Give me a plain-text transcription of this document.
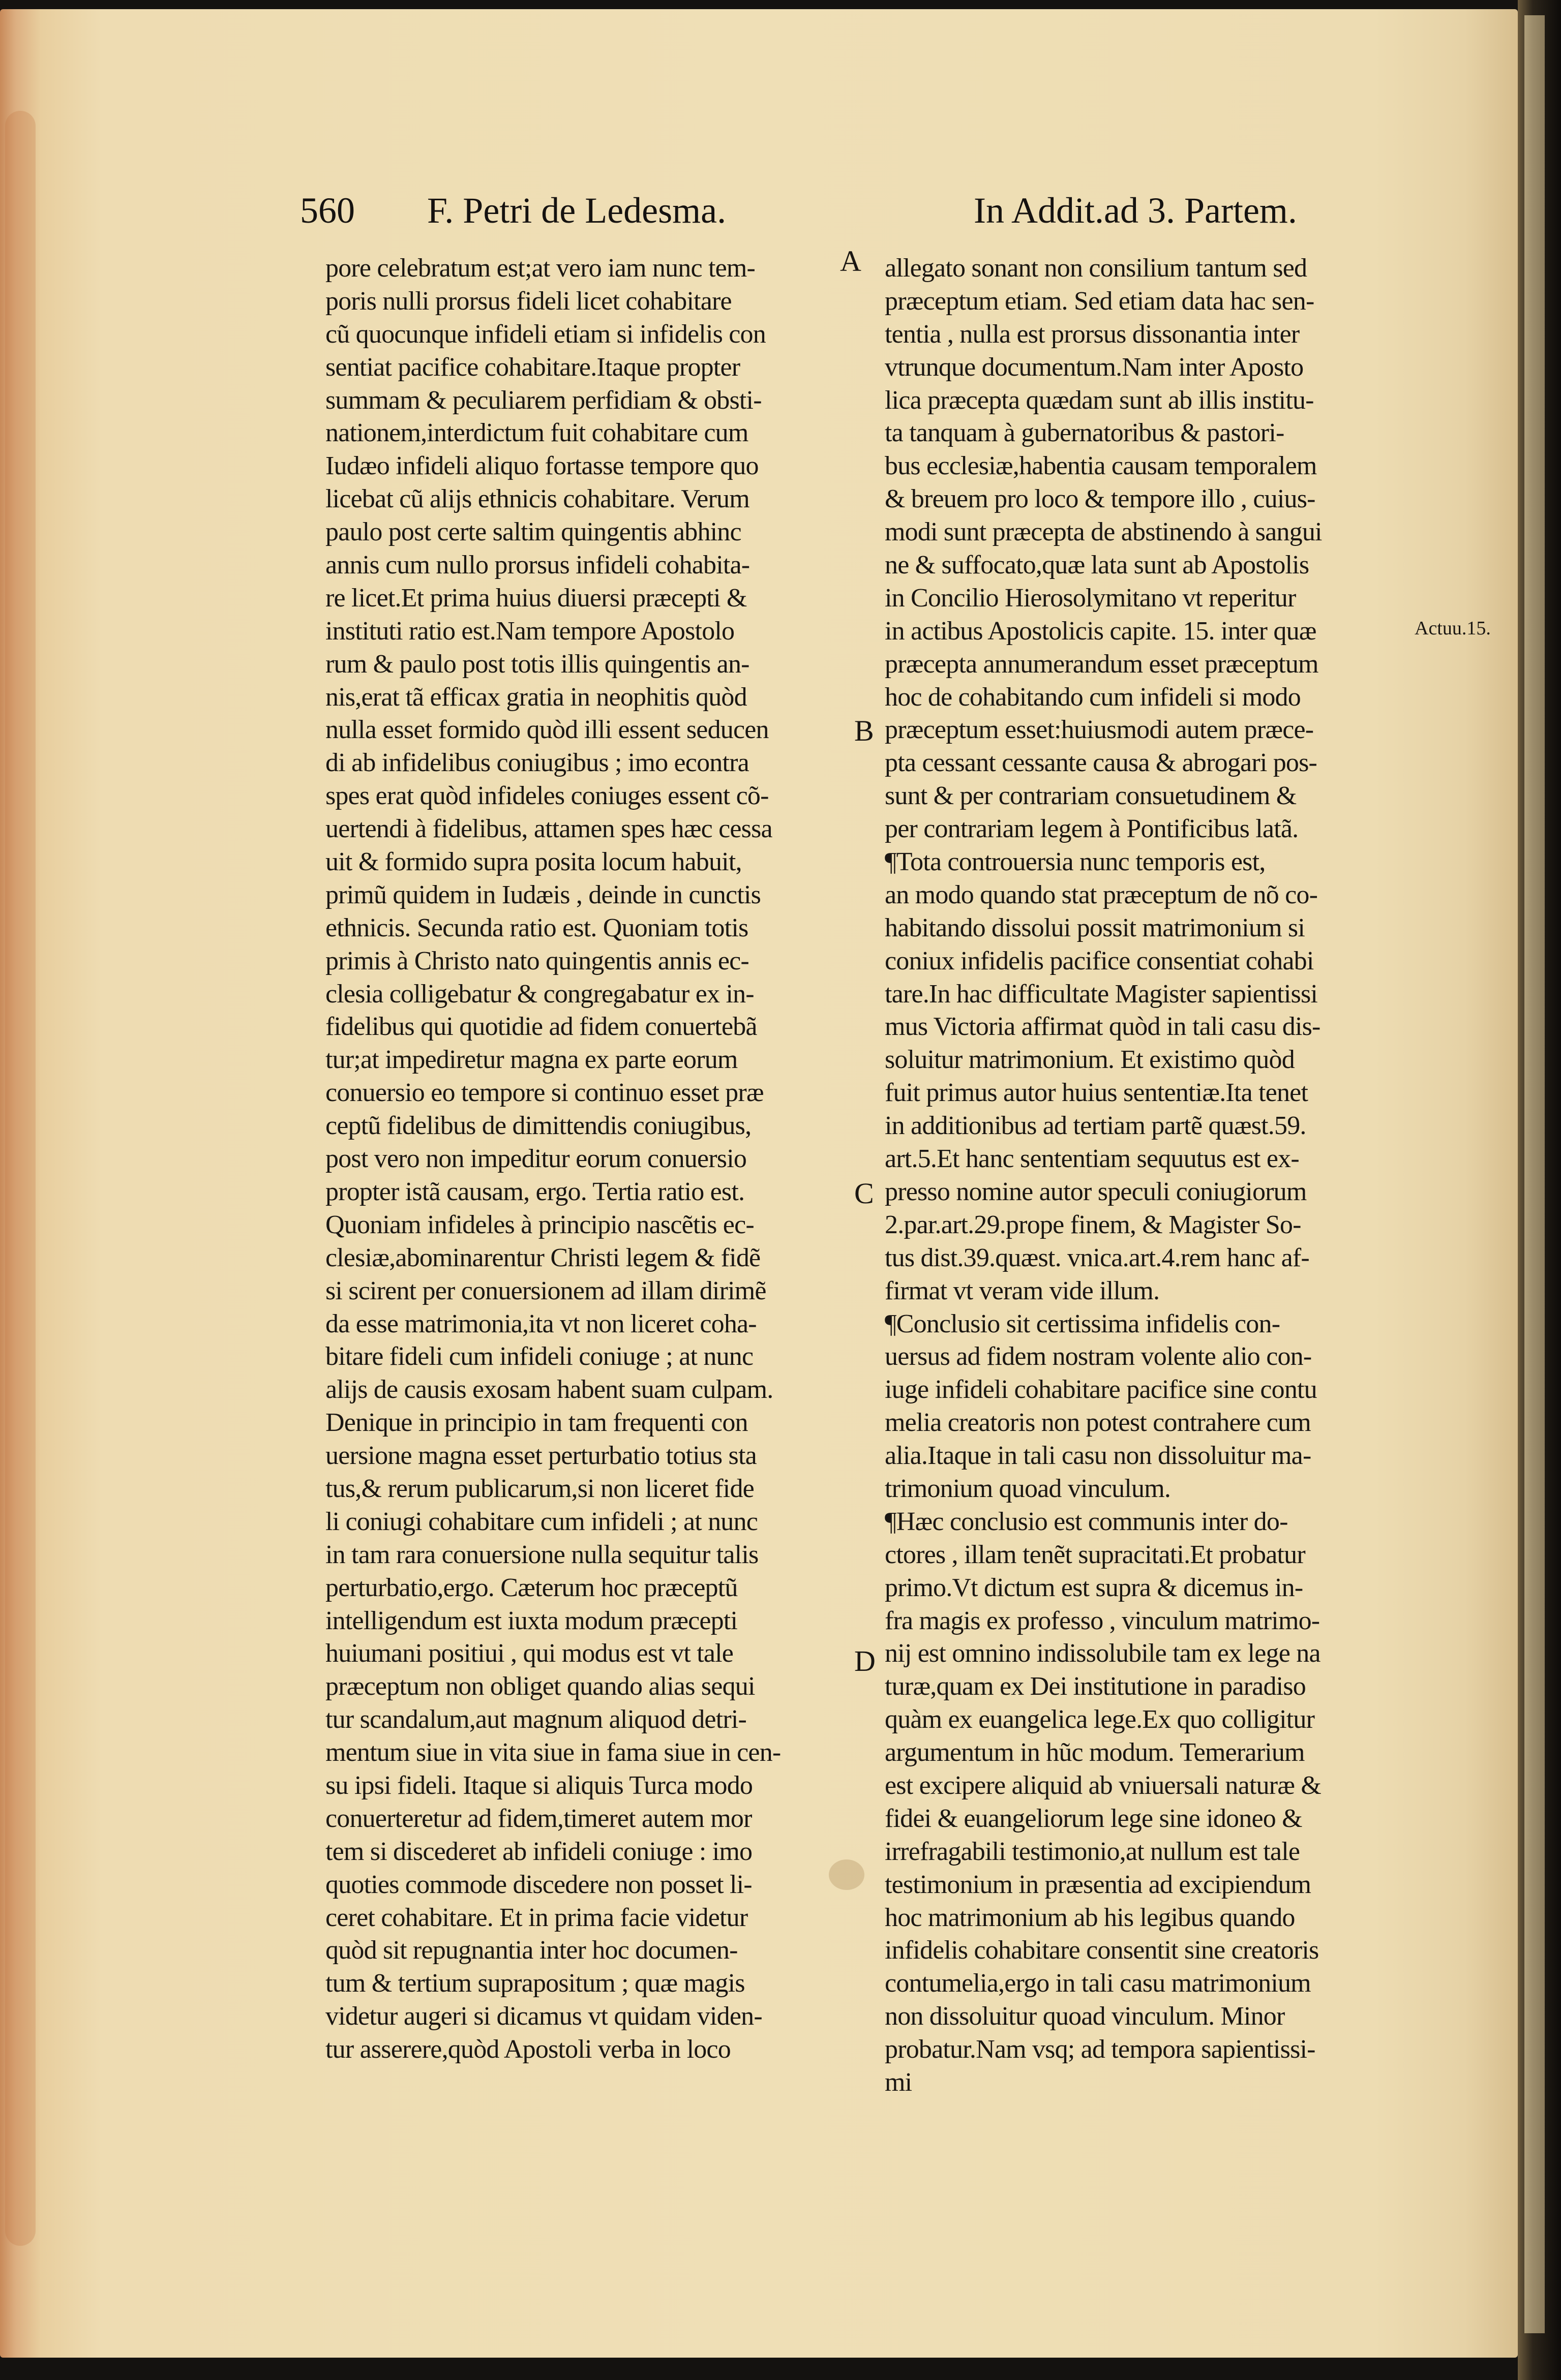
560 F. Petri de Ledesma.	In Addit.ad 3. Partem.
pore celebratum est;at vero iam nunc tem-
poris nulli prorsus fideli licet cohabitare
cũ quocunque infideli etiam si infidelis con
sentiat pacifice cohabitare.Itaque propter
summam & peculiarem perfidiam & obsti-
nationem,interdictum fuit cohabitare cum
Iudæo infideli aliquo fortasse tempore quo
licebat cũ alijs ethnicis cohabitare. Verum
paulo post certe saltim quingentis abhinc
annis cum nullo prorsus infideli cohabita-
re licet.Et prima huius diuersi præcepti &
instituti ratio est.Nam tempore Apostolo
rum & paulo post totis illis quingentis an-
nis,erat tã efficax gratia in neophitis quòd
nulla esset formido quòd illi essent seducen
di ab infidelibus coniugibus ; imo econtra
spes erat quòd infideles coniuges essent cõ-
uertendi à fidelibus, attamen spes hæc cessa
uit & formido supra posita locum habuit,
primũ quidem in Iudæis , deinde in cunctis
ethnicis. Secunda ratio est. Quoniam totis
primis à Christo nato quingentis annis ec-
clesia colligebatur & congregabatur ex in-
fidelibus qui quotidie ad fidem conuertebã
tur;at impediretur magna ex parte eorum
conuersio eo tempore si continuo esset præ
ceptũ fidelibus de dimittendis coniugibus,
post vero non impeditur eorum conuersio
propter istã causam, ergo. Tertia ratio est.
Quoniam infideles à principio nascẽtis ec-
clesiæ,abominarentur Christi legem & fidẽ
si scirent per conuersionem ad illam dirimẽ
da esse matrimonia,ita vt non liceret coha-
bitare fideli cum infideli coniuge ; at nunc
alijs de causis exosam habent suam culpam.
Denique in principio in tam frequenti con
uersione magna esset perturbatio totius sta
tus,& rerum publicarum,si non liceret fide
li coniugi cohabitare cum infideli ; at nunc
in tam rara conuersione nulla sequitur talis
perturbatio,ergo. Cæterum hoc præceptũ
intelligendum est iuxta modum præcepti
huiumani positiui , qui modus est vt tale
præceptum non obliget quando alias sequi
tur scandalum,aut magnum aliquod detri-
mentum siue in vita siue in fama siue in cen-
su ipsi fideli. Itaque si aliquis Turca modo
conuerteretur ad fidem,timeret autem mor
tem si discederet ab infideli coniuge : imo
quoties commode discedere non posset li-
ceret cohabitare. Et in prima facie videtur
quòd sit repugnantia inter hoc documen-
tum & tertium suprapositum ; quæ magis
videtur augeri si dicamus vt quidam viden-
tur asserere,quòd Apostoli verba in loco
allegato sonant non consilium tantum sed
præceptum etiam. Sed etiam data hac sen-
tentia , nulla est prorsus dissonantia inter
vtrunque documentum.Nam inter Aposto
lica præcepta quædam sunt ab illis institu-
ta tanquam à gubernatoribus & pastori-
bus ecclesiæ,habentia causam temporalem
& breuem pro loco & tempore illo , cuius-
modi sunt præcepta de abstinendo à sangui
ne & suffocato,quæ lata sunt ab Apostolis
in Concilio Hierosolymitano vt reperitur
in actibus Apostolicis capite. 15. inter quæ
præcepta annumerandum esset præceptum
hoc de cohabitando cum infideli si modo
præceptum esset:huiusmodi autem præce-
pta cessant cessante causa & abrogari pos-
sunt & per contrariam consuetudinem &
per contrariam legem à Pontificibus latã.
¶Tota controuersia nunc temporis est,
an modo quando stat præceptum de nõ co-
habitando dissolui possit matrimonium si
coniux infidelis pacifice consentiat cohabi
tare.In hac difficultate Magister sapientissi
mus Victoria affirmat quòd in tali casu dis-
soluitur matrimonium. Et existimo quòd
fuit primus autor huius sententiæ.Ita tenet
in additionibus ad tertiam partẽ quæst.59.
art.5.Et hanc sententiam sequutus est ex-
presso nomine autor speculi coniugiorum
2.par.art.29.prope finem, & Magister So-
tus dist.39.quæst. vnica.art.4.rem hanc af-
firmat vt veram vide illum.
¶Conclusio sit certissima infidelis con-
uersus ad fidem nostram volente alio con-
iuge infideli cohabitare pacifice sine contu
melia creatoris non potest contrahere cum
alia.Itaque in tali casu non dissoluitur ma-
trimonium quoad vinculum.
¶Hæc conclusio est communis inter do-
ctores , illam tenẽt supracitati.Et probatur
primo.Vt dictum est supra & dicemus in-
fra magis ex professo , vinculum matrimo-
nij est omnino indissolubile tam ex lege na
turæ,quam ex Dei institutione in paradiso
quàm ex euangelica lege.Ex quo colligitur
argumentum in hũc modum. Temerarium
est excipere aliquid ab vniuersali naturæ &
fidei & euangeliorum lege sine idoneo &
irrefragabili testimonio,at nullum est tale
testimonium in præsentia ad excipiendum
hoc matrimonium ab his legibus quando
infidelis cohabitare consentit sine creatoris
contumelia,ergo in tali casu matrimonium
non dissoluitur quoad vinculum. Minor
probatur.Nam vsq; ad tempora sapientissi-
mi
A
B
C
D
Actuu.15.
